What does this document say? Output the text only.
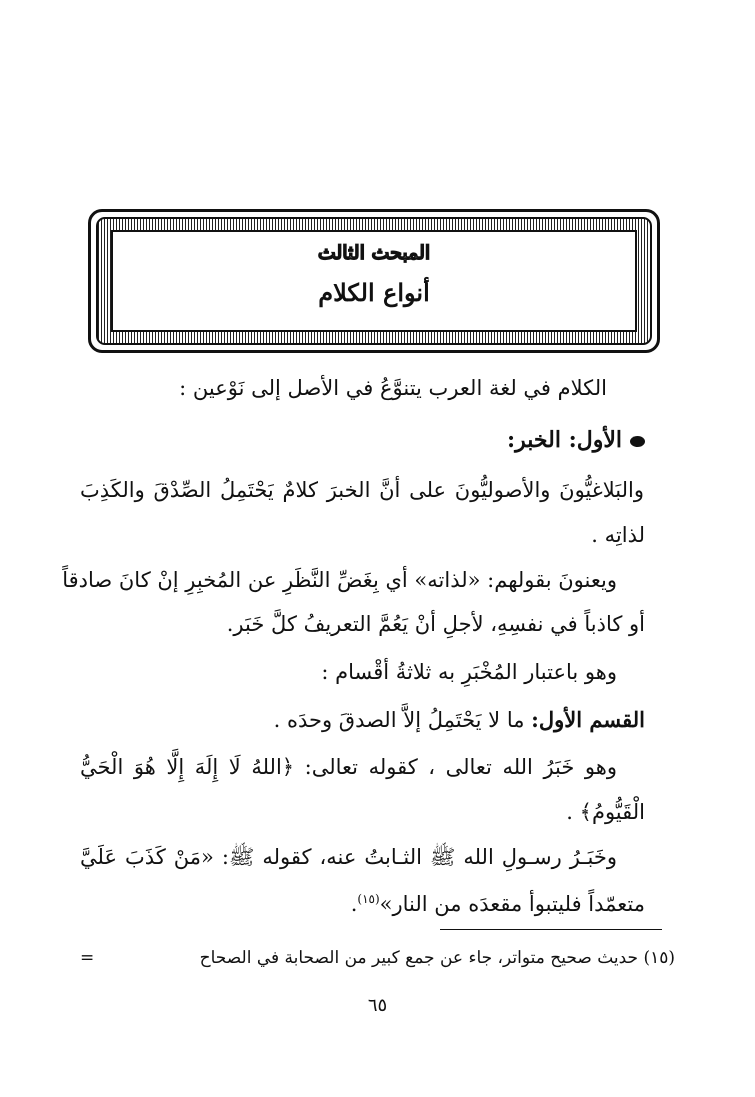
المبحث الثالث
أنواع الكلام
الكلام في لغة العرب يتنوَّعُ في الأصل إلى نَوْعين :
الأول: الخبر:
والبَلاغيُّونَ والأصوليُّونَ على أنَّ الخبرَ كلامٌ يَحْتَمِلُ الصِّدْقَ والكَذِبَ
لذاتِه .
ويعنونَ بقولهم: «لذاته» أي بِغَضِّ النَّظَرِ عن المُخبِرِ إنْ كانَ صادقاً
أو كاذباً في نفسِهِ، لأجلِ أنْ يَعُمَّ التعريفُ كلَّ خَبَر.
وهو باعتبار المُخْبَرِ به ثلاثةُ أقْسام :
القسم الأول: ما لا يَحْتَمِلُ إلاَّ الصدقَ وحدَه .
وهو خَبَرُ الله تعالى ، كقوله تعالى: ﴿اللهُ لَا إِلَهَ إِلَّا هُوَ الْحَيُّ
الْقَيُّومُ﴾ .
وخَبَـرُ رسـولِ الله ﷺ الثـابتُ عنه، كقوله ﷺ: «مَنْ كَذَبَ عَلَيَّ
متعمّداً فليتبوأ مقعدَه من النار»$^{(١٥)}$.
(١٥) حديث صحيح متواتر، جاء عن جمع كبير من الصحابة في الصحاح
=
٦٥
